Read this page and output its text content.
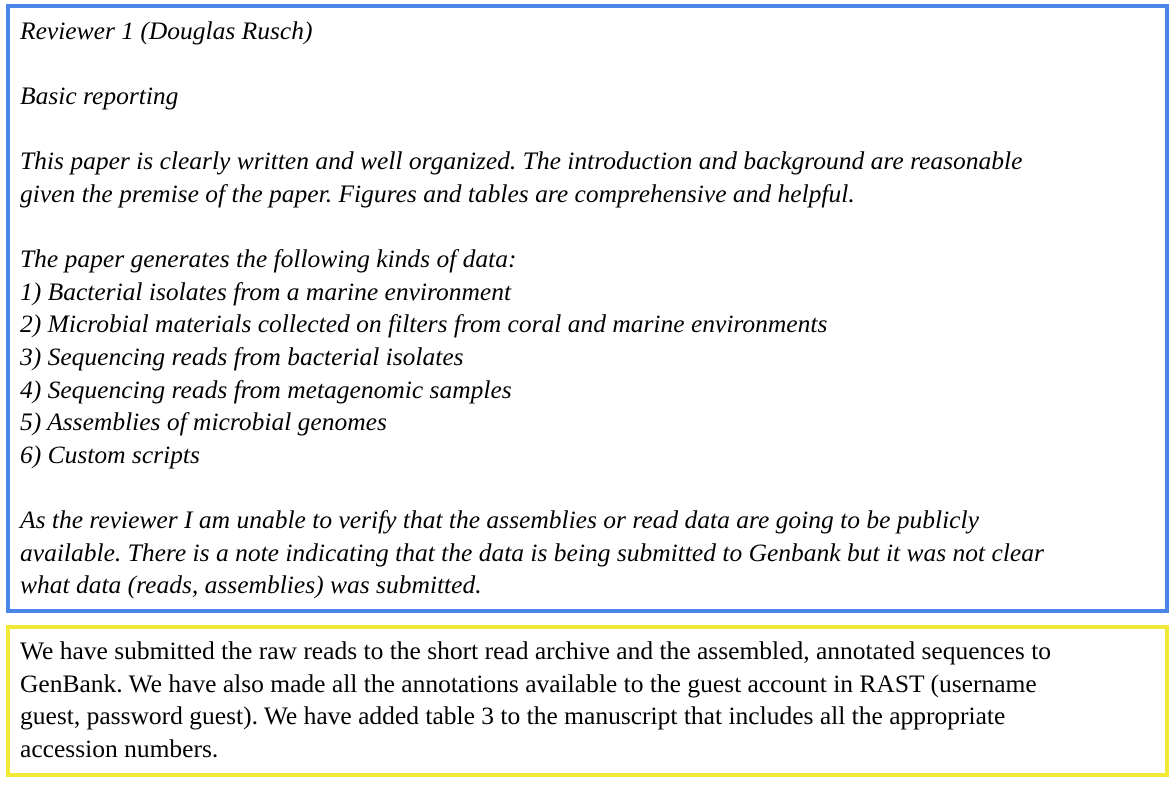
Reviewer 1 (Douglas Rusch)
Basic reporting
This paper is clearly written and well organized. The introduction and background are reasonable
given the premise of the paper. Figures and tables are comprehensive and helpful.
The paper generates the following kinds of data:
1) Bacterial isolates from a marine environment
2) Microbial materials collected on filters from coral and marine environments
3) Sequencing reads from bacterial isolates
4) Sequencing reads from metagenomic samples
5) Assemblies of microbial genomes
6) Custom scripts
As the reviewer I am unable to verify that the assemblies or read data are going to be publicly
available. There is a note indicating that the data is being submitted to Genbank but it was not clear
what data (reads, assemblies) was submitted.
We have submitted the raw reads to the short read archive and the assembled, annotated sequences to
GenBank. We have also made all the annotations available to the guest account in RAST (username
guest, password guest). We have added table 3 to the manuscript that includes all the appropriate
accession numbers.
